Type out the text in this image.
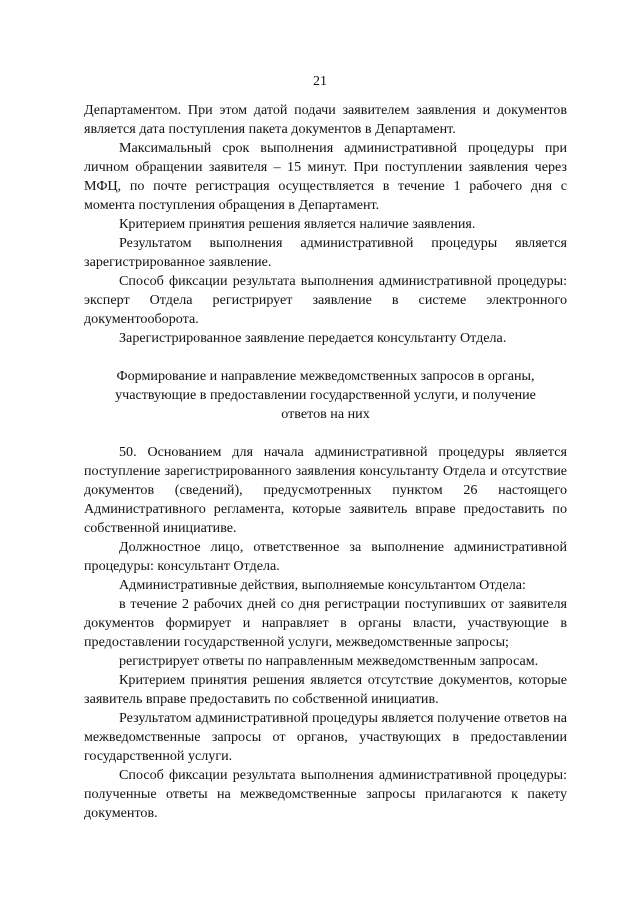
21

Департаментом. При этом датой подачи заявителем заявления и документов является дата поступления пакета документов в Департамент.

Максимальный срок выполнения административной процедуры при личном обращении заявителя – 15 минут. При поступлении заявления через МФЦ, по почте регистрация осуществляется в течение 1 рабочего дня с момента поступления обращения в Департамент.

Критерием принятия решения является наличие заявления.

Результатом выполнения административной процедуры является зарегистрированное заявление.

Способ фиксации результата выполнения административной процедуры: эксперт Отдела регистрирует заявление в системе электронного документооборота.

Зарегистрированное заявление передается консультанту Отдела.

Формирование и направление межведомственных запросов в органы, участвующие в предоставлении государственной услуги, и получение ответов на них

50. Основанием для начала административной процедуры является поступление зарегистрированного заявления консультанту Отдела и отсутствие документов (сведений), предусмотренных пунктом 26 настоящего Административного регламента, которые заявитель вправе предоставить по собственной инициативе.

Должностное лицо, ответственное за выполнение административной процедуры: консультант Отдела.

Административные действия, выполняемые консультантом Отдела:

в течение 2 рабочих дней со дня регистрации поступивших от заявителя документов формирует и направляет в органы власти, участвующие в предоставлении государственной услуги, межведомственные запросы;

регистрирует ответы по направленным межведомственным запросам.

Критерием принятия решения является отсутствие документов, которые заявитель вправе предоставить по собственной инициатив.

Результатом административной процедуры является получение ответов на межведомственные запросы от органов, участвующих в предоставлении государственной услуги.

Способ фиксации результата выполнения административной процедуры: полученные ответы на межведомственные запросы прилагаются к пакету документов.
